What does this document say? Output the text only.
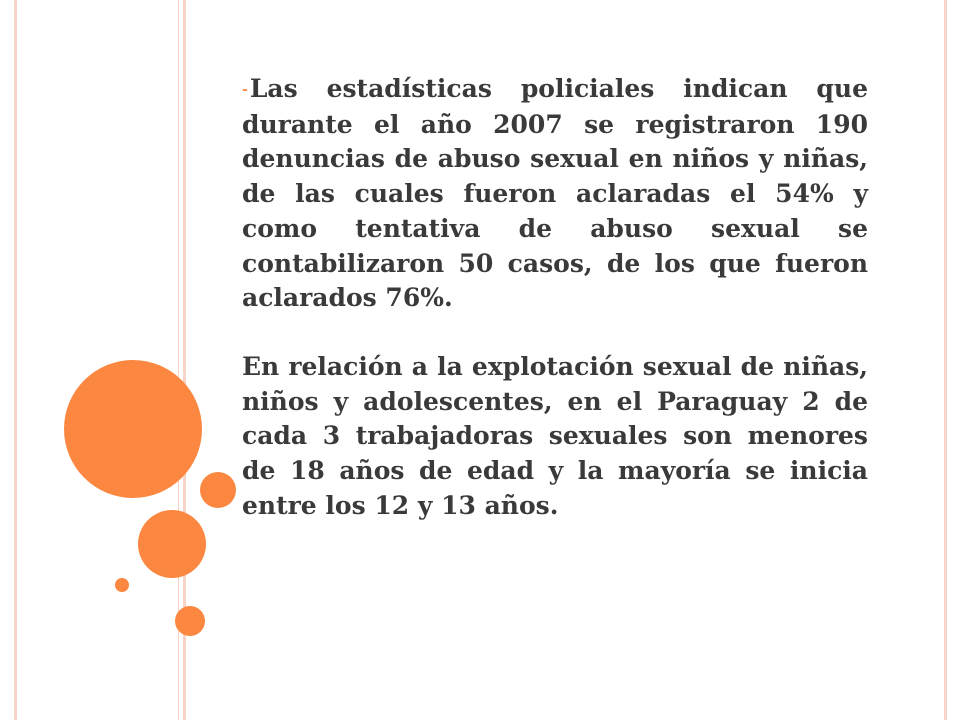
-Las estadísticas policiales indican que durante el año 2007 se registraron 190 denuncias de abuso sexual en niños y niñas, de las cuales fueron aclaradas el 54% y como tentativa de abuso sexual se contabilizaron 50 casos, de los que fueron aclarados 76%.

En relación a la explotación sexual de niñas, niños y adolescentes, en el Paraguay 2 de cada 3 trabajadoras sexuales son menores de 18 años de edad y la mayoría se inicia entre los 12 y 13 años.
